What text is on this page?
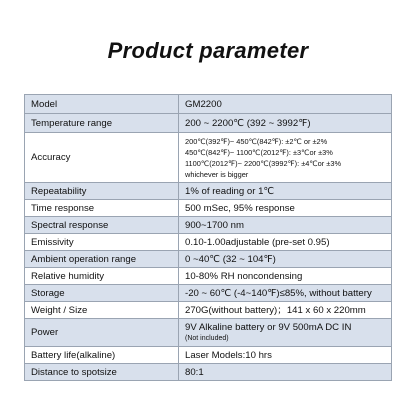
Product parameter
Model	GM2200
Temperature range	200 ~ 2200℃ (392 ~ 3992℉)
Accuracy	200℃(392℉)~ 450℃(842℉): ±2℃ or ±2%
450℃(842℉)~ 1100℃(2012℉): ±3℃or ±3%
1100℃(2012℉)~ 2200℃(3992℉): ±4℃or ±3%
whichever is bigger

Repeatability	1% of reading or 1℃
Time response	500 mSec, 95% response
Spectral response	900~1700 nm
Emissivity	0.10-1.00adjustable (pre-set 0.95)
Ambient operation range	0 ~40℃ (32 ~ 104℉)
Relative humidity	10-80% RH noncondensing
Storage	-20 ~ 60℃ (-4~140℉)≤85%, without battery
Weight / Size	270G(without battery)；141 x 60 x 220mm
Power	9V Alkaline battery or 9V 500mA DC IN
(Not included)

Battery life(alkaline)	Laser Models:10 hrs
Distance to spotsize	80:1
